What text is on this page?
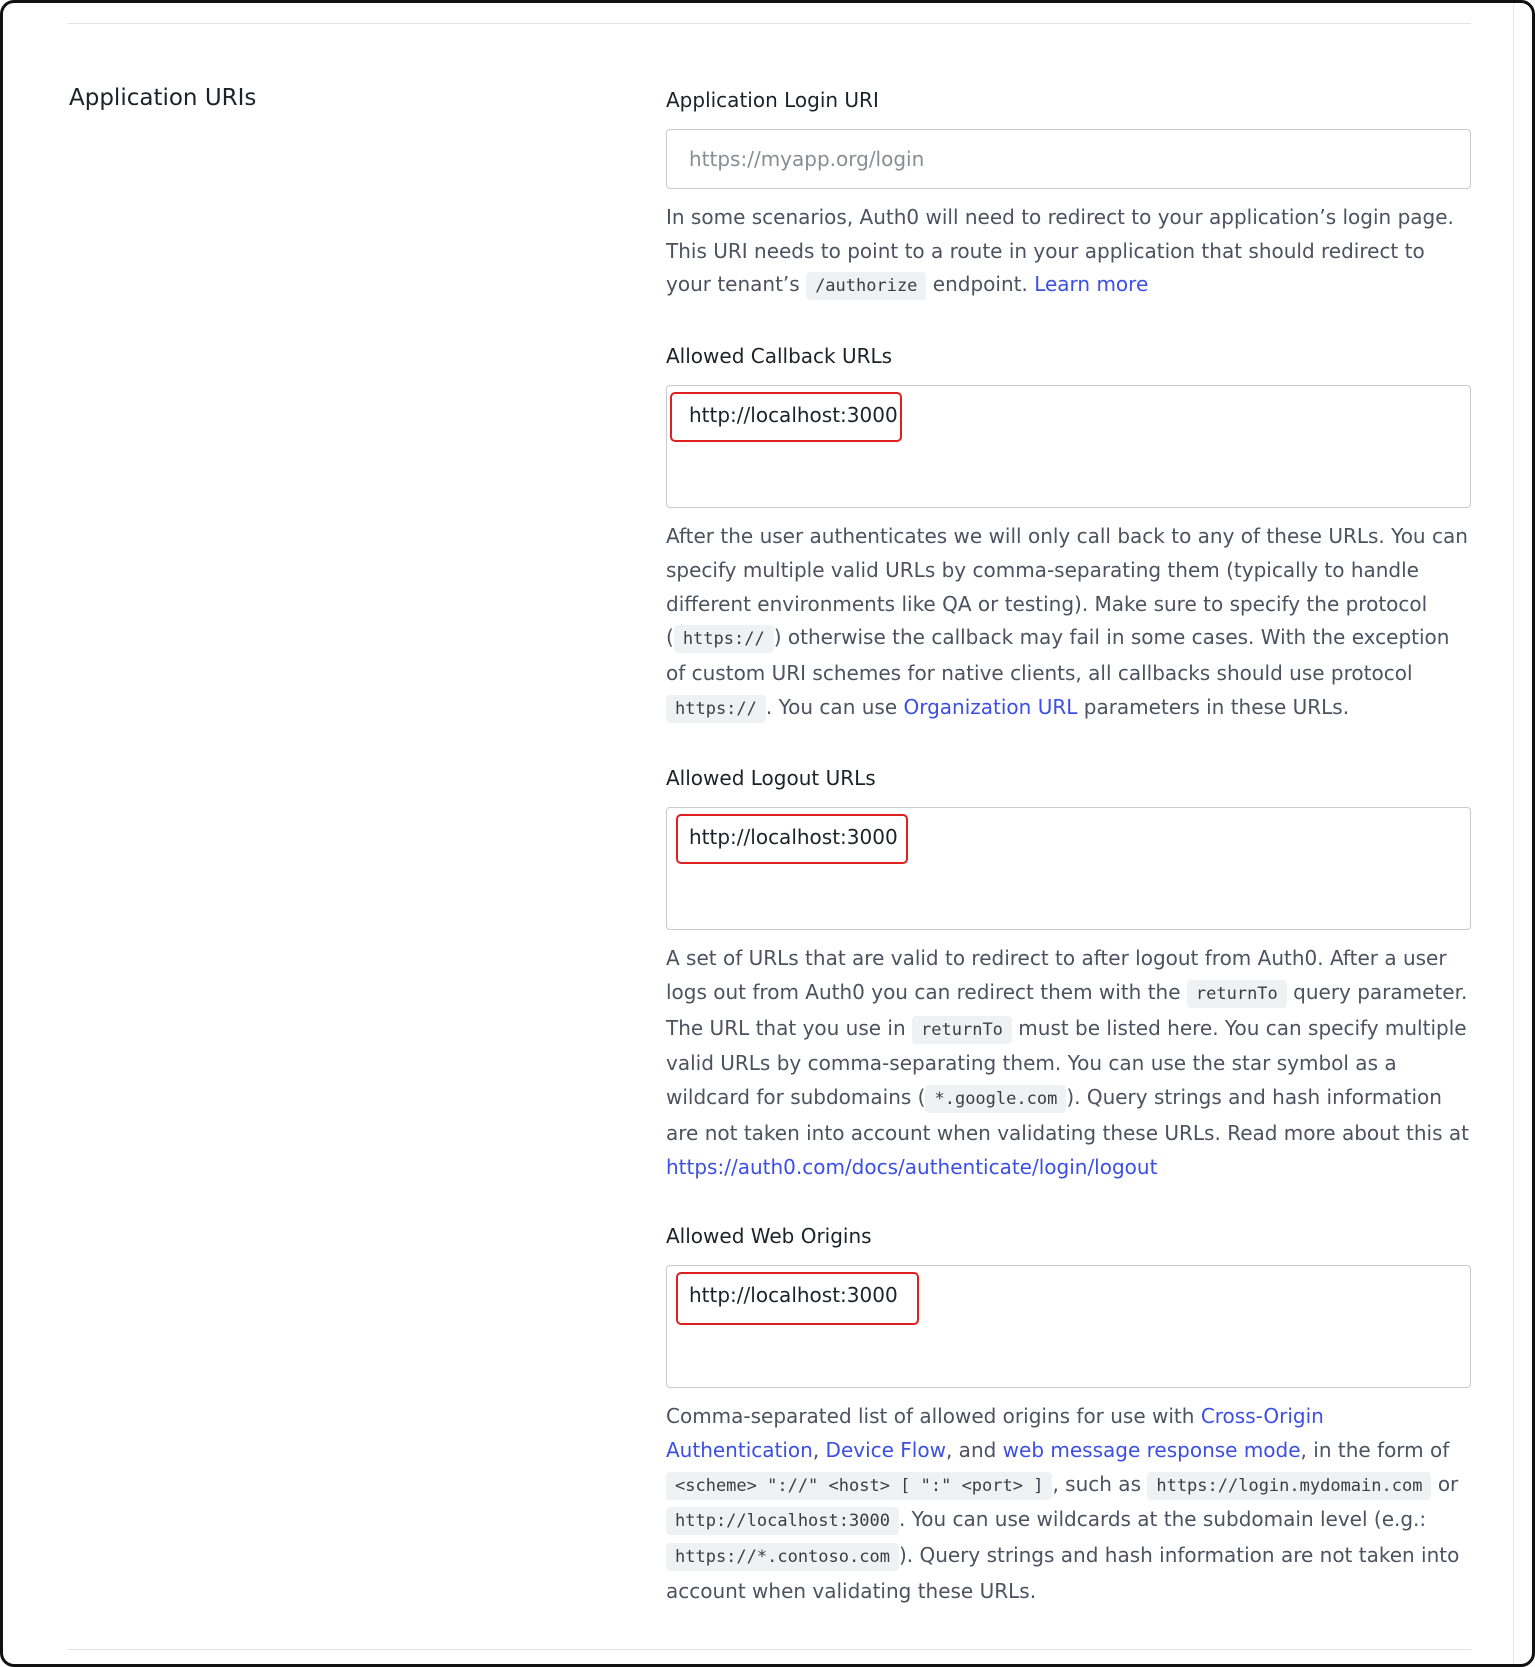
Application URIs	Application Login URI
https://myapp.org/login

In some scenarios, Auth0 will need to redirect to your application’s login page. This URI needs to point to a route in your application that should redirect to your tenant’s /authorize endpoint. Learn more

Allowed Callback URLs
http://localhost:3000

After the user authenticates we will only call back to any of these URLs. You can specify multiple valid URLs by comma-separating them (typically to handle different environments like QA or testing). Make sure to specify the protocol ( https:// ) otherwise the callback may fail in some cases. With the exception of custom URI schemes for native clients, all callbacks should use protocol https:// . You can use Organization URL parameters in these URLs.

Allowed Logout URLs
http://localhost:3000

A set of URLs that are valid to redirect to after logout from Auth0. After a user logs out from Auth0 you can redirect them with the returnTo query parameter. The URL that you use in returnTo must be listed here. You can specify multiple valid URLs by comma-separating them. You can use the star symbol as a wildcard for subdomains ( *.google.com ). Query strings and hash information are not taken into account when validating these URLs. Read more about this at https://auth0.com/docs/authenticate/login/logout

Allowed Web Origins
http://localhost:3000

Comma-separated list of allowed origins for use with Cross-Origin Authentication, Device Flow, and web message response mode, in the form of <scheme> "://" <host> [ ":" <port> ] , such as https://login.mydomain.com or http://localhost:3000 . You can use wildcards at the subdomain level (e.g.: https://*.contoso.com ). Query strings and hash information are not taken into account when validating these URLs.
